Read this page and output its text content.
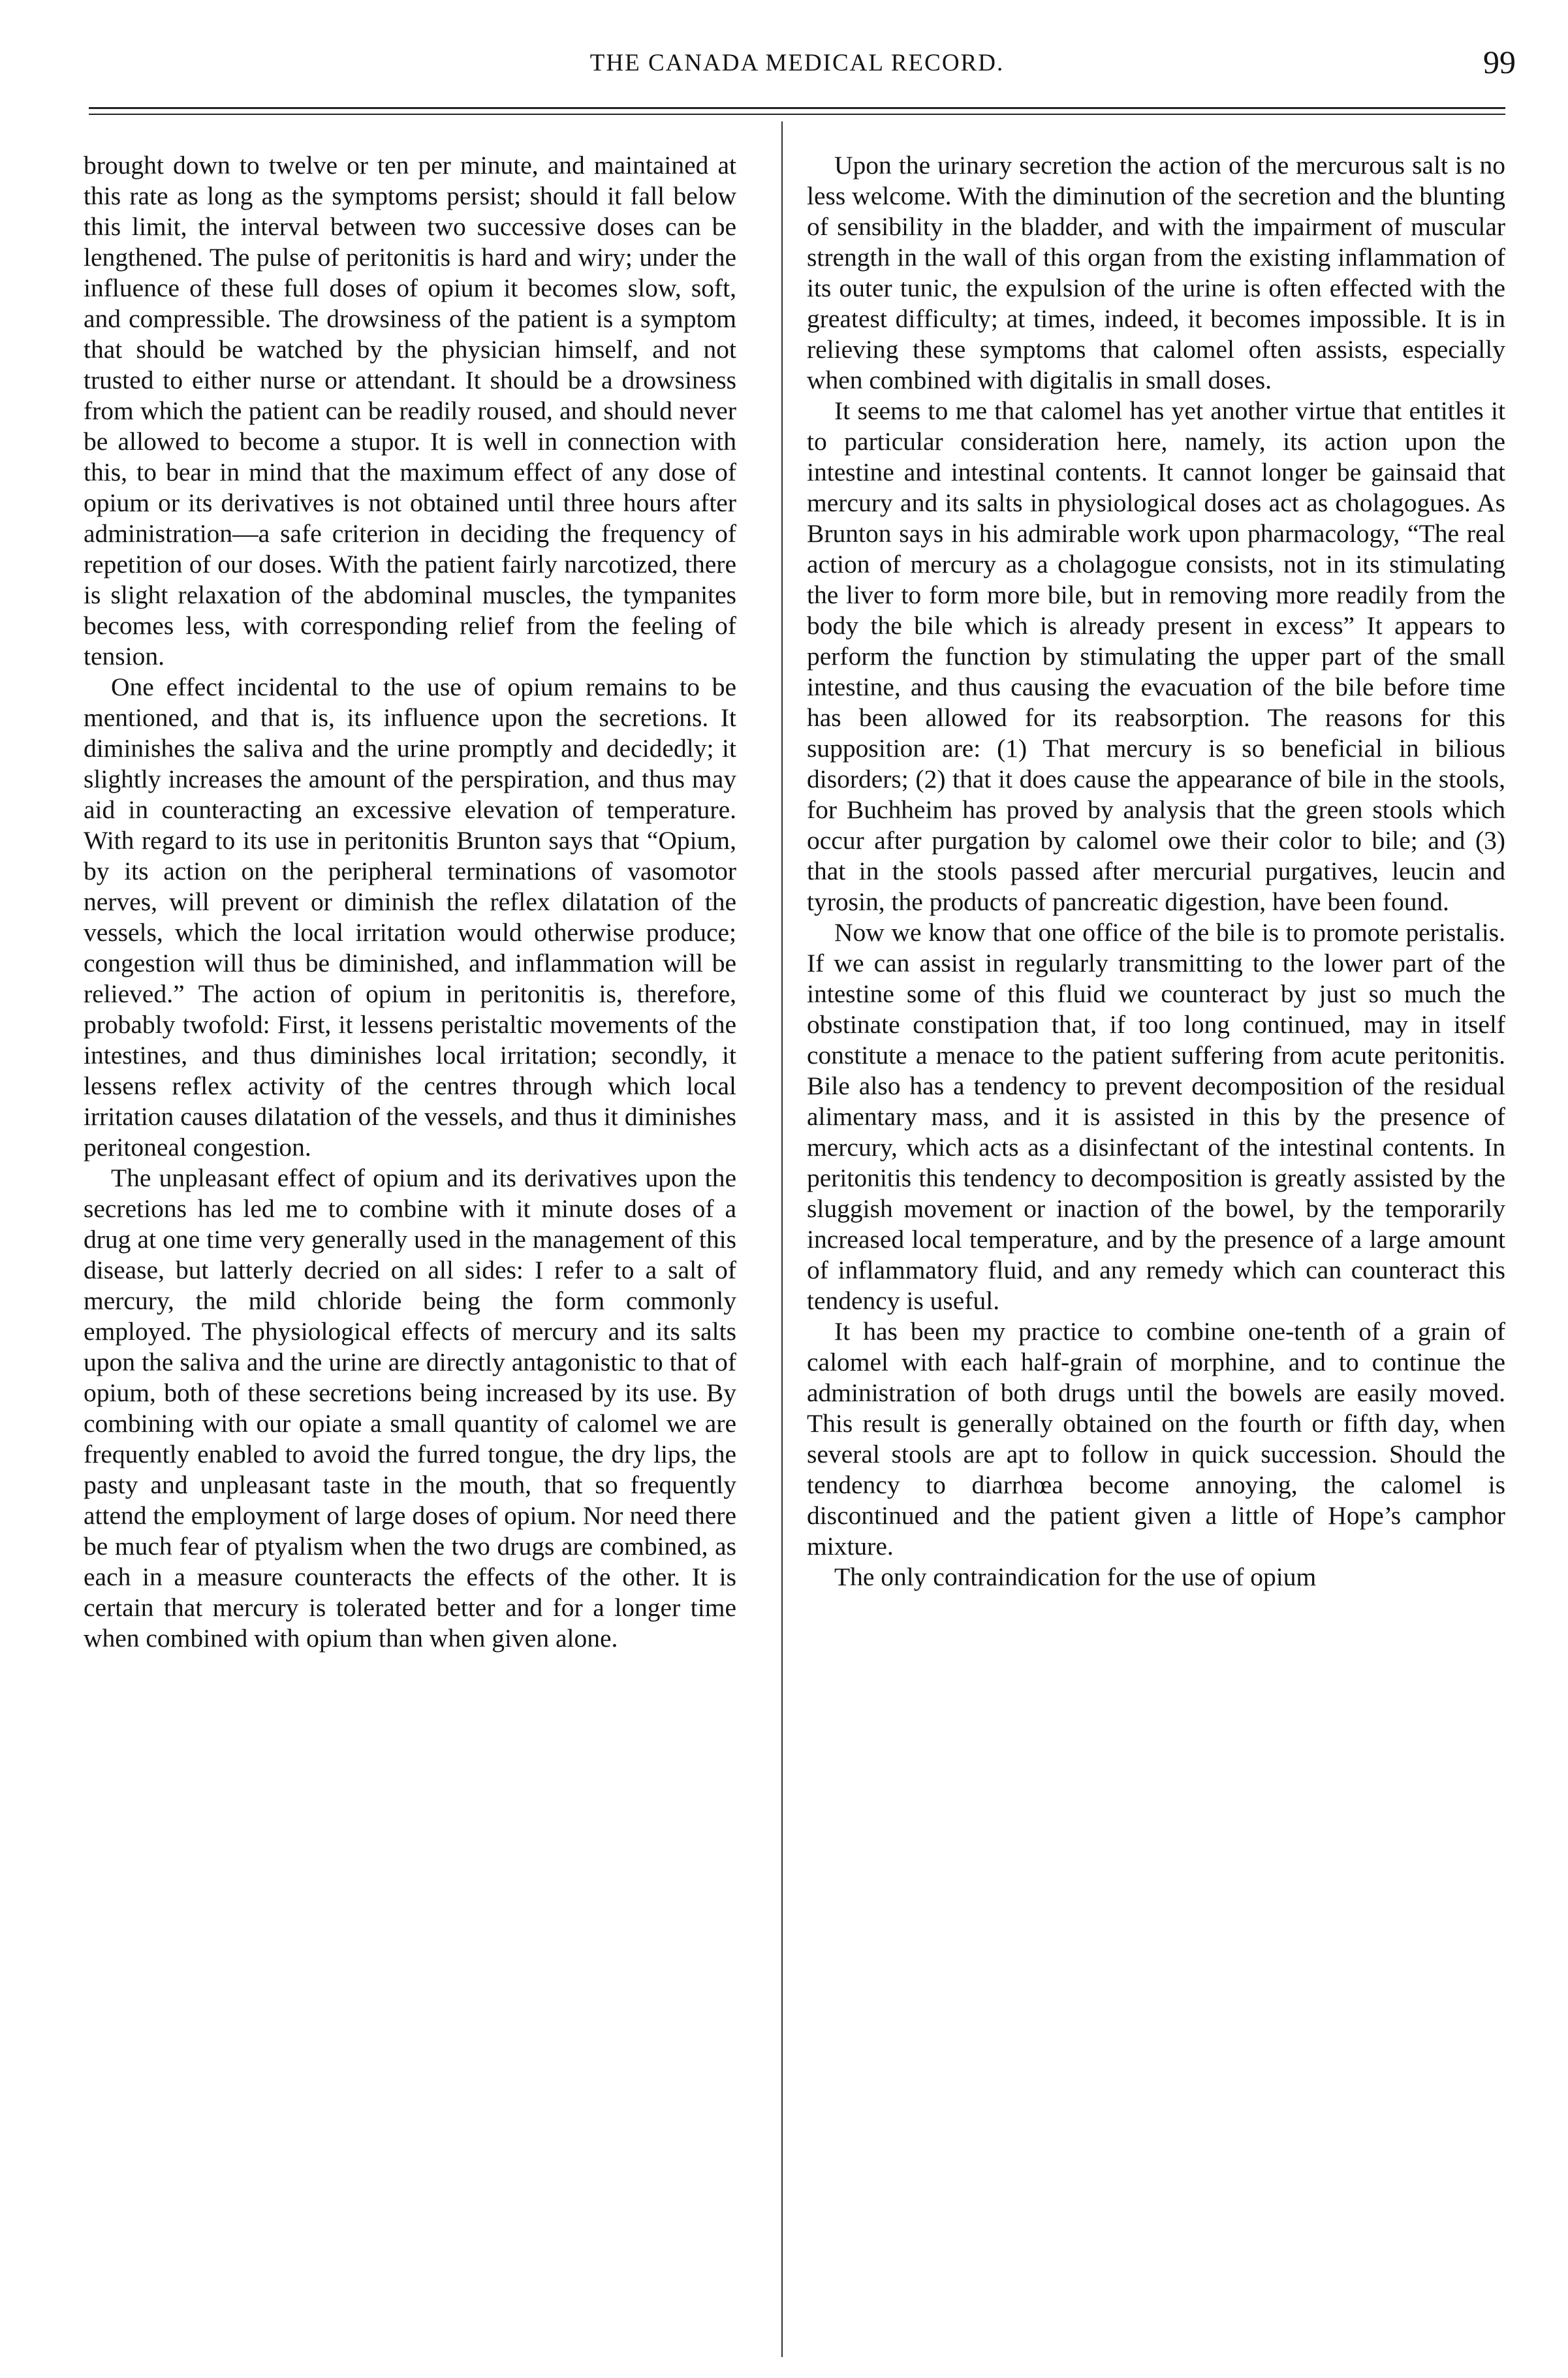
THE CANADA MEDICAL RECORD.	99

brought down to twelve or ten per minute, and maintained at this rate as long as the symptoms persist; should it fall below this limit, the interval between two successive doses can be lengthened. The pulse of peritonitis is hard and wiry; under the influence of these full doses of opium it becomes slow, soft, and compressible. The drowsiness of the patient is a symptom that should be watched by the physician himself, and not trusted to either nurse or attendant. It should be a drowsiness from which the patient can be readily roused, and should never be allowed to become a stupor. It is well in connection with this, to bear in mind that the maximum effect of any dose of opium or its derivatives is not obtained until three hours after administration—a safe criterion in deciding the frequency of repetition of our doses. With the patient fairly narcotized, there is slight relaxation of the abdominal muscles, the tympanites becomes less, with corresponding relief from the feeling of tension.

One effect incidental to the use of opium remains to be mentioned, and that is, its influence upon the secretions. It diminishes the saliva and the urine promptly and decidedly; it slightly increases the amount of the perspiration, and thus may aid in counteracting an excessive elevation of temperature. With regard to its use in peritonitis Brunton says that “Opium, by its action on the peripheral terminations of vasomotor nerves, will prevent or diminish the reflex dilatation of the vessels, which the local irritation would otherwise produce; congestion will thus be diminished, and inflammation will be relieved.” The action of opium in peritonitis is, therefore, probably twofold: First, it lessens peristaltic movements of the intestines, and thus diminishes local irritation; secondly, it lessens reflex activity of the centres through which local irritation causes dilatation of the vessels, and thus it diminishes peritoneal congestion.

The unpleasant effect of opium and its derivatives upon the secretions has led me to combine with it minute doses of a drug at one time very generally used in the management of this disease, but latterly decried on all sides: I refer to a salt of mercury, the mild chloride being the form commonly employed. The physiological effects of mercury and its salts upon the saliva and the urine are directly antagonistic to that of opium, both of these secretions being increased by its use. By combining with our opiate a small quantity of calomel we are frequently enabled to avoid the furred tongue, the dry lips, the pasty and unpleasant taste in the mouth, that so frequently attend the employment of large doses of opium. Nor need there be much fear of ptyalism when the two drugs are combined, as each in a measure counteracts the effects of the other. It is certain that mercury is tolerated better and for a longer time when combined with opium than when given alone.

Upon the urinary secretion the action of the mercurous salt is no less welcome. With the diminution of the secretion and the blunting of sensibility in the bladder, and with the impairment of muscular strength in the wall of this organ from the existing inflammation of its outer tunic, the expulsion of the urine is often effected with the greatest difficulty; at times, indeed, it becomes impossible. It is in relieving these symptoms that calomel often assists, especially when combined with digitalis in small doses.

It seems to me that calomel has yet another virtue that entitles it to particular consideration here, namely, its action upon the intestine and intestinal contents. It cannot longer be gainsaid that mercury and its salts in physiological doses act as cholagogues. As Brunton says in his admirable work upon pharmacology, “The real action of mercury as a cholagogue consists, not in its stimulating the liver to form more bile, but in removing more readily from the body the bile which is already present in excess” It appears to perform the function by stimulating the upper part of the small intestine, and thus causing the evacuation of the bile before time has been allowed for its reabsorption. The reasons for this supposition are: (1) That mercury is so beneficial in bilious disorders; (2) that it does cause the appearance of bile in the stools, for Buchheim has proved by analysis that the green stools which occur after purgation by calomel owe their color to bile; and (3) that in the stools passed after mercurial purgatives, leucin and tyrosin, the products of pancreatic digestion, have been found.

Now we know that one office of the bile is to promote peristalis. If we can assist in regularly transmitting to the lower part of the intestine some of this fluid we counteract by just so much the obstinate constipation that, if too long continued, may in itself constitute a menace to the patient suffering from acute peritonitis. Bile also has a tendency to prevent decomposition of the residual alimentary mass, and it is assisted in this by the presence of mercury, which acts as a disinfectant of the intestinal contents. In peritonitis this tendency to decomposition is greatly assisted by the sluggish movement or inaction of the bowel, by the temporarily increased local temperature, and by the presence of a large amount of inflammatory fluid, and any remedy which can counteract this tendency is useful.

It has been my practice to combine one-tenth of a grain of calomel with each half-grain of morphine, and to continue the administration of both drugs until the bowels are easily moved. This result is generally obtained on the fourth or fifth day, when several stools are apt to follow in quick succession. Should the tendency to diarrhœa become annoying, the calomel is discontinued and the patient given a little of Hope’s camphor mixture.

The only contraindication for the use of opium
